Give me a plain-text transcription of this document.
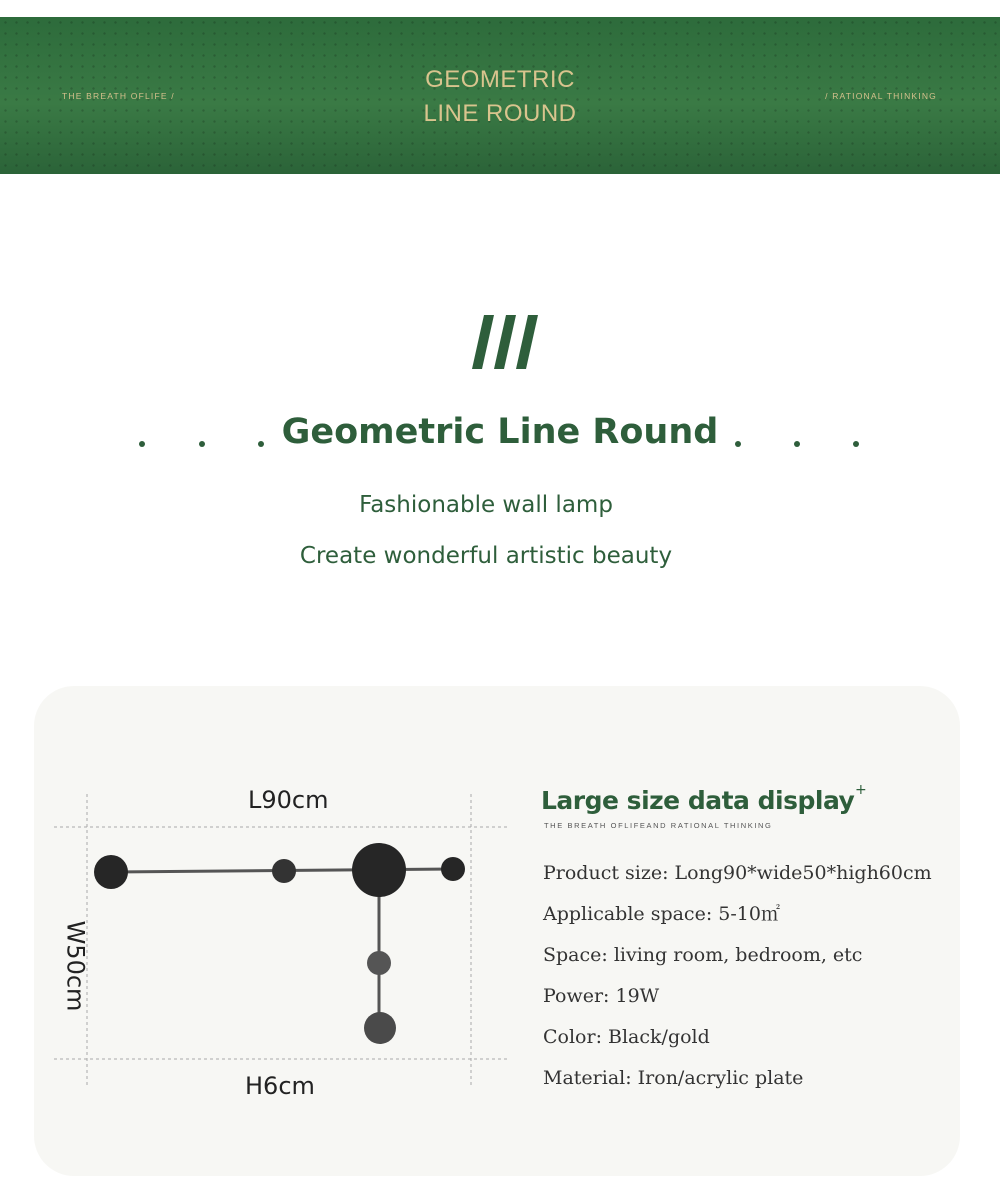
THE BREATH OFLIFE /
GEOMETRIC
LINE ROUND
/ RATIONAL THINKING
Geometric Line Round
Fashionable wall lamp
Create wonderful artistic beauty
L90cm
W50cm
H6cm
Large size data display +
THE BREATH OFLIFEAND RATIONAL THINKING
Product size: Long90*wide50*high60cm
Applicable space: 5-10㎡
Space: living room, bedroom, etc
Power: 19W
Color: Black/gold
Material: Iron/acrylic plate
